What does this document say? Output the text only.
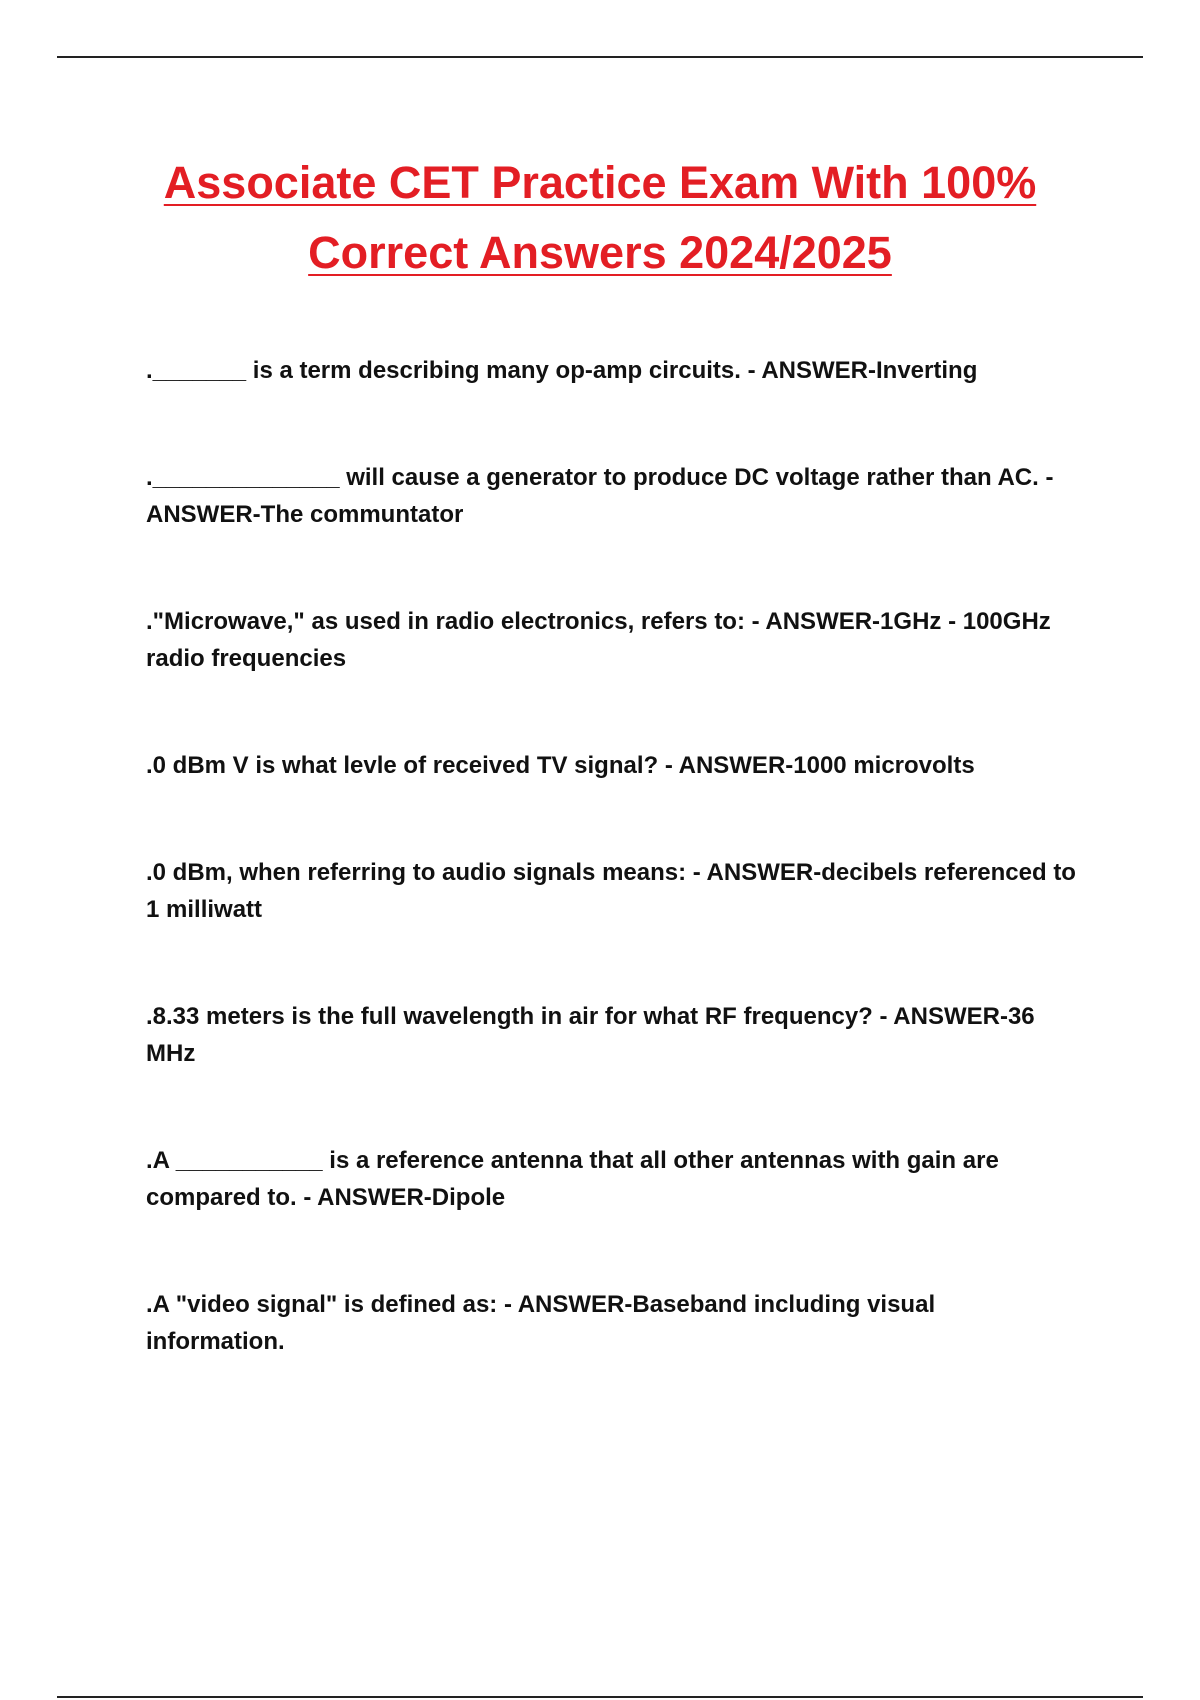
Associate CET Practice Exam With 100%
Correct Answers 2024/2025

._______ is a term describing many op-amp circuits. - ANSWER-Inverting

.______________ will cause a generator to produce DC voltage rather than AC. - ANSWER-The communtator

."Microwave," as used in radio electronics, refers to: - ANSWER-1GHz - 100GHz radio frequencies

.0 dBm V is what levle of received TV signal? - ANSWER-1000 microvolts

.0 dBm, when referring to audio signals means: - ANSWER-decibels referenced to 1 milliwatt

.8.33 meters is the full wavelength in air for what RF frequency? - ANSWER-36 MHz

.A ___________ is a reference antenna that all other antennas with gain are compared to. - ANSWER-Dipole

.A "video signal" is defined as: - ANSWER-Baseband including visual information.
